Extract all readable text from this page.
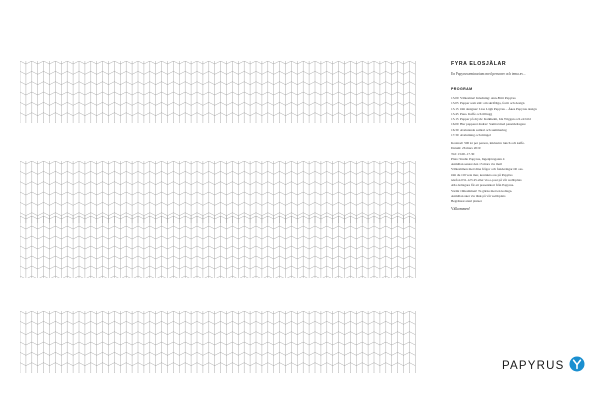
FYRA ELOSJÄLAR
En Papyrusseminarium med personer och tema av...
PROGRAM
13.00 Välkomna! Inledning: Ann-Britt Papyrus
13.05 Papper som sätt: om skriftliga, form och design
13.15 Om designer: Lisa Lögh Papyrus – Åkes Papyrus design
13.45 Paus. Kaffe och tilltugg
15.15 Papper på dryck: Kalkheim, Ida Wiggan och ett bild
16.00 Hur papperet ändrar: Samtal med paneldeltagare
16.30 Avslutande samtal och summering
17.30 Avslutning och mingel
Kostnad: 500 kr per person, inklusive lunch och kaffe.
Datum: 26 mars 2019
Tid: 13.00–17.30
Plats: Studio Papyrus, Ingenjörsgatan 4
Anmälan senast den 15 mars via mail
Välkommen med dina frågor och funderingar till oss.
Om du vill veta mer, kontakta oss på Papyrus
telefon 031-123 45 eller via e-post på vår webbplats
Alla deltagare får ett presentkort från Papyrus.
Varmt välkommen! Ta gärna med en kollega.
Anmälan sker via länk på vår webbplats
Begränsat antal platser
Välkommen!
PAPYRUS
